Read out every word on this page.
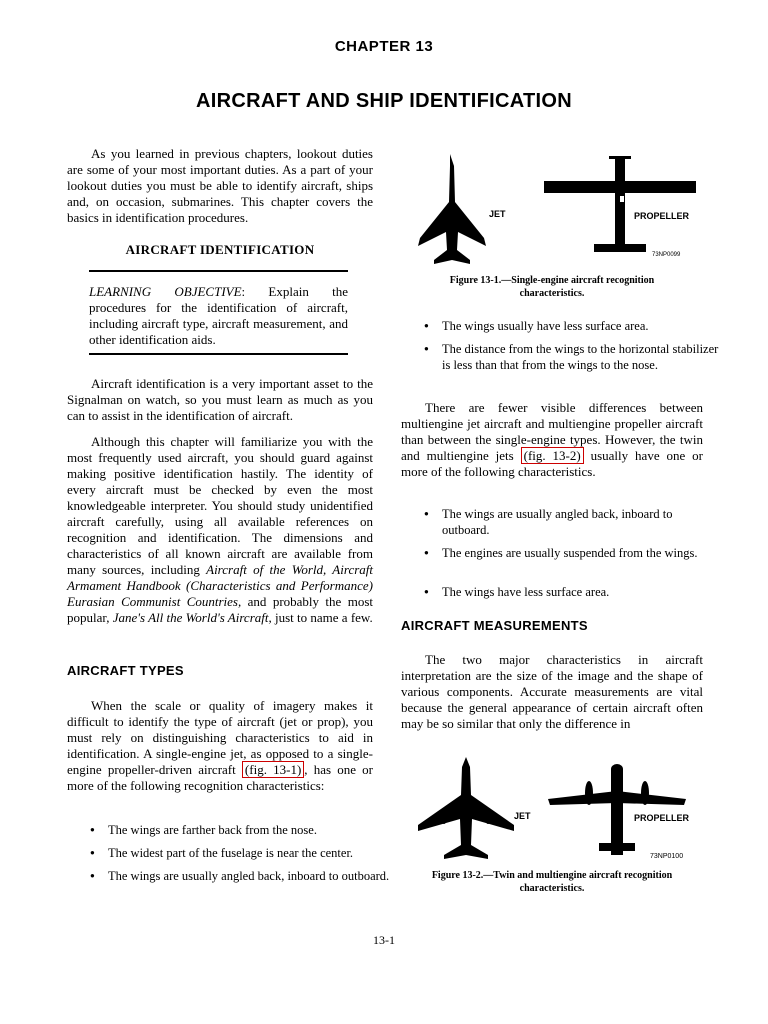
CHAPTER 13
AIRCRAFT AND SHIP IDENTIFICATION

As you learned in previous chapters, lookout duties are some of your most important duties. As a part of your lookout duties you must be able to identify aircraft, ships and, on occasion, submarines. This chapter covers the basics in identification procedures.

AIRCRAFT IDENTIFICATION
LEARNING OBJECTIVE: Explain the procedures for the identification of aircraft, including aircraft type, aircraft measurement, and other identification aids.

Aircraft identification is a very important asset to the Signalman on watch, so you must learn as much as you can to assist in the identification of aircraft.

Although this chapter will familiarize you with the most frequently used aircraft, you should guard against making positive identification hastily. The identity of every aircraft must be checked by even the most knowledgeable interpreter. You should study unidentified aircraft carefully, using all available references on recognition and identification. The dimensions and characteristics of all known aircraft are available from many sources, including Aircraft of the World, Aircraft Armament Handbook (Characteristics and Performance) Eurasian Communist Countries, and probably the most popular, Jane's All the World's Aircraft, just to name a few.

AIRCRAFT TYPES

When the scale or quality of imagery makes it difficult to identify the type of aircraft (jet or prop), you must rely on distinguishing characteristics to aid in identification. A single-engine jet, as opposed to a single-engine propeller-driven aircraft (fig. 13-1) , has one or more of the following recognition characteristics:

● The wings are farther back from the nose.
● The widest part of the fuselage is near the center.
● The wings are usually angled back, inboard to outboard.
JET	PROPELLER
73NP0099
Figure 13-1.—Single-engine aircraft recognition
characteristics.
● The wings usually have less surface area.
● The distance from the wings to the horizontal stabilizer is less than that from the wings to the nose.

There are fewer visible differences between multiengine jet aircraft and multiengine propeller aircraft than between the single-engine types. However, the twin and multiengine jets (fig. 13-2) usually have one or more of the following characteristics.

● The wings are usually angled back, inboard to outboard.
● The engines are usually suspended from the wings.
● The wings have less surface area.
AIRCRAFT MEASUREMENTS

The two major characteristics in aircraft interpretation are the size of the image and the shape of various components. Accurate measurements are vital because the general appearance of certain aircraft often may be so similar that only the difference in

JET	PROPELLER
73NP0100
Figure 13-2.—Twin and multiengine aircraft recognition
characteristics.
13-1
